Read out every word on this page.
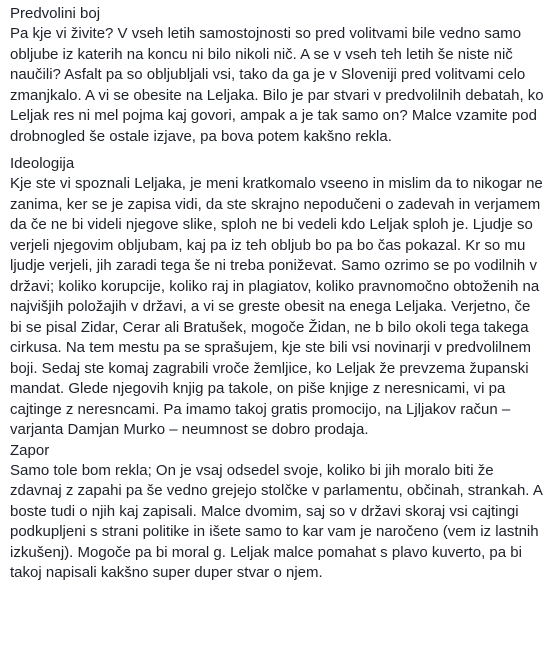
Predvolini boj

Pa kje vi živite? V vseh letih samostojnosti so pred volitvami bile vedno samo obljube iz katerih na koncu ni bilo nikoli nič. A se v vseh teh letih še niste nič naučili? Asfalt pa so obljubljali vsi, tako da ga je v Sloveniji pred volitvami celo zmanjkalo. A vi se obesite na Leljaka. Bilo je par stvari v predvolilnih debatah, ko Leljak res ni mel pojma kaj govori, ampak a je tak samo on? Malce vzamite pod drobnogled še ostale izjave, pa bova potem kakšno rekla.

Ideologija

Kje ste vi spoznali Leljaka, je meni kratkomalo vseeno in mislim da to nikogar ne zanima, ker se je zapisa vidi, da ste skrajno nepodučeni o zadevah in verjamem da če ne bi videli njegove slike, sploh ne bi vedeli kdo Leljak sploh je. Ljudje so verjeli njegovim obljubam, kaj pa iz teh obljub bo pa bo čas pokazal. Kr so mu ljudje verjeli, jih zaradi tega še ni treba poniževat. Samo ozrimo se po vodilnih v državi; koliko korupcije, koliko raj in plagiatov, koliko pravnomočno obtoženih na najvišjih položajih v državi, a vi se greste obesit na enega Leljaka. Verjetno, če bi se pisal Zidar, Cerar ali Bratušek, mogoče Židan, ne b bilo okoli tega takega cirkusa. Na tem mestu pa se sprašujem, kje ste bili vsi novinarji v predvolilnem boji. Sedaj ste komaj zagrabili vroče žemljice, ko Leljak že prevzema županski mandat. Glede njegovih knjig pa takole, on piše knjige z neresnicami, vi pa cajtinge z neresncami. Pa imamo takoj gratis promocijo, na Ljljakov račun – varjanta Damjan Murko – neumnost se dobro prodaja.

Zapor

Samo tole bom rekla; On je vsaj odsedel svoje, koliko bi jih moralo biti že zdavnaj z zapahi pa še vedno grejejo stolčke v parlamentu, občinah, strankah. A boste tudi o njih kaj zapisali. Malce dvomim, saj so v državi skoraj vsi cajtingi podkupljeni s strani politike in išete samo to kar vam je naročeno (vem iz lastnih izkušenj). Mogoče pa bi moral g. Leljak malce pomahat s plavo kuverto, pa bi takoj napisali kakšno super duper stvar o njem.
